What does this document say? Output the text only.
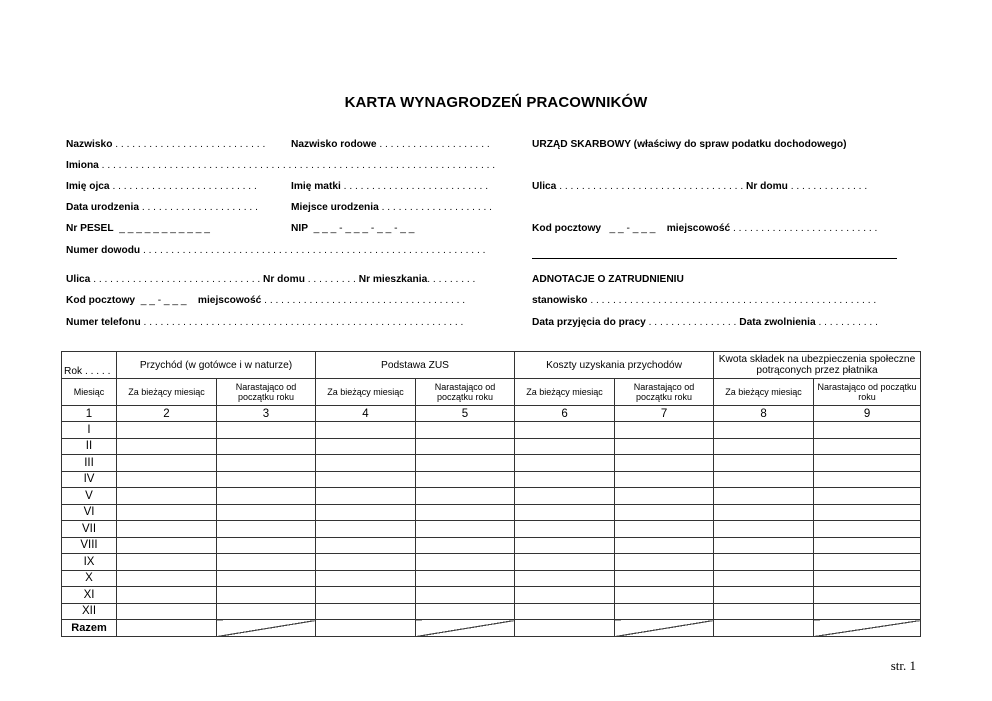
KARTA WYNAGRODZEŃ PRACOWNIKÓW
Nazwisko . . . . . . . . . . . . . . . . . . . . . . . . . . .	Nazwisko rodowe . . . . . . . . . . . . . . . . . . . .
Imiona . . . . . . . . . . . . . . . . . . . . . . . . . . . . . . . . . . . . . . . . . . . . . . . . . . . . . . . . . . . . . . . . . . . . . .
Imię ojca . . . . . . . . . . . . . . . . . . . . . . . . . .	Imię matki . . . . . . . . . . . . . . . . . . . . . . . . . .
Data urodzenia . . . . . . . . . . . . . . . . . . . . .	Miejsce urodzenia . . . . . . . . . . . . . . . . . . . .
Nr PESEL _ _ _ _ _ _ _ _ _ _ _	NIP _ _ _ - _ _ _ - _ _ - _ _
Numer dowodu . . . . . . . . . . . . . . . . . . . . . . . . . . . . . . . . . . . . . . . . . . . . . . . . . . . . . . . . . . . . .
Ulica . . . . . . . . . . . . . . . . . . . . . . . . . . . . . . Nr domu . . . . . . . . . Nr mieszkania. . . . . . . . .
Kod pocztowy _ _ - _ _ _ miejscowość . . . . . . . . . . . . . . . . . . . . . . . . . . . . . . . . . . . .
Numer telefonu . . . . . . . . . . . . . . . . . . . . . . . . . . . . . . . . . . . . . . . . . . . . . . . . . . . . . . . . .
URZĄD SKARBOWY (właściwy do spraw podatku dochodowego)
Ulica . . . . . . . . . . . . . . . . . . . . . . . . . . . . . . . . . Nr domu . . . . . . . . . . . . . .
Kod pocztowy _ _ - _ _ _ miejscowość . . . . . . . . . . . . . . . . . . . . . . . . . .
ADNOTACJE O ZATRUDNIENIU
stanowisko . . . . . . . . . . . . . . . . . . . . . . . . . . . . . . . . . . . . . . . . . . . . . . . . . . .
Data przyjęcia do pracy . . . . . . . . . . . . . . . . Data zwolnienia . . . . . . . . . . .
Rok . . . . .	Przychód (w gotówce i w naturze)		Podstawa ZUS		Koszty uzyskania przychodów		Kwota składek na ubezpieczenia społeczne potrąconych przez płatnika	
Miesiąc	Za bieżący miesiąc	Narastająco od początku roku	Za bieżący miesiąc	Narastająco od początku roku	Za bieżący miesiąc	Narastająco od początku roku	Za bieżący miesiąc	Narastająco od początku roku
1	2	3	4	5	6	7	8	9
I								
II								
III								
IV								
V								
VI								
VII								
VIII								
IX								
X								
XI								
XII								
Razem								
str. 1
